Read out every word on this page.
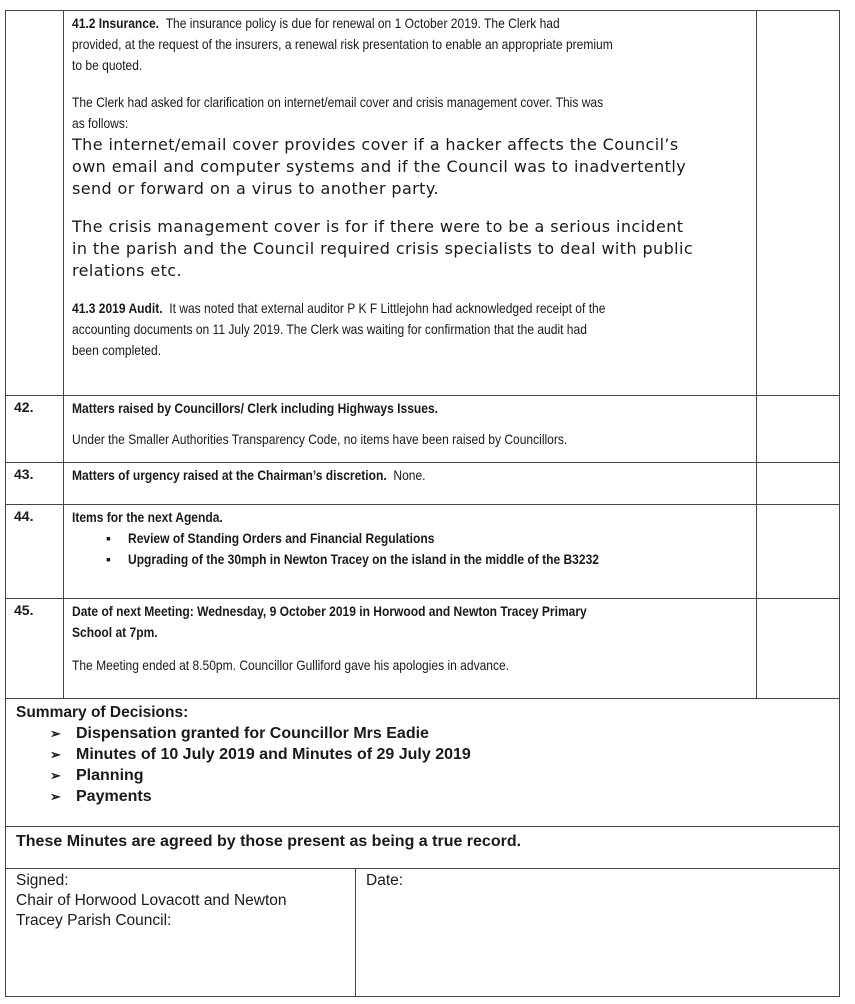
41.2 Insurance. The insurance policy is due for renewal on 1 October 2019. The Clerk had

provided, at the request of the insurers, a renewal risk presentation to enable an appropriate premium

to be quoted.

The Clerk had asked for clarification on internet/email cover and crisis management cover. This was

as follows:

The internet/email cover provides cover if a hacker affects the Council’s

own email and computer systems and if the Council was to inadvertently

send or forward on a virus to another party.

The crisis management cover is for if there were to be a serious incident

in the parish and the Council required crisis specialists to deal with public

relations etc.

41.3 2019 Audit. It was noted that external auditor P K F Littlejohn had acknowledged receipt of the

accounting documents on 11 July 2019. The Clerk was waiting for confirmation that the audit had

been completed.

42.	Matters raised by Councillors/ Clerk including Highways Issues.

Under the Smaller Authorities Transparency Code, no items have been raised by Councillors.

43.	Matters of urgency raised at the Chairman’s discretion. None.

44.	Items for the next Agenda.

▪ Review of Standing Orders and Financial Regulations
▪ Upgrading of the 30mph in Newton Tracey on the island in the middle of the B3232
45.	Date of next Meeting: Wednesday, 9 October 2019 in Horwood and Newton Tracey Primary

School at 7pm.

The Meeting ended at 8.50pm. Councillor Gulliford gave his apologies in advance.

Summary of Decisions:

➢ Dispensation granted for Councillor Mrs Eadie
➢ Minutes of 10 July 2019 and Minutes of 29 July 2019
➢ Planning
➢ Payments

These Minutes are agreed by those present as being a true record.

Signed:

Chair of Horwood Lovacott and Newton

Tracey Parish Council:

Date:
